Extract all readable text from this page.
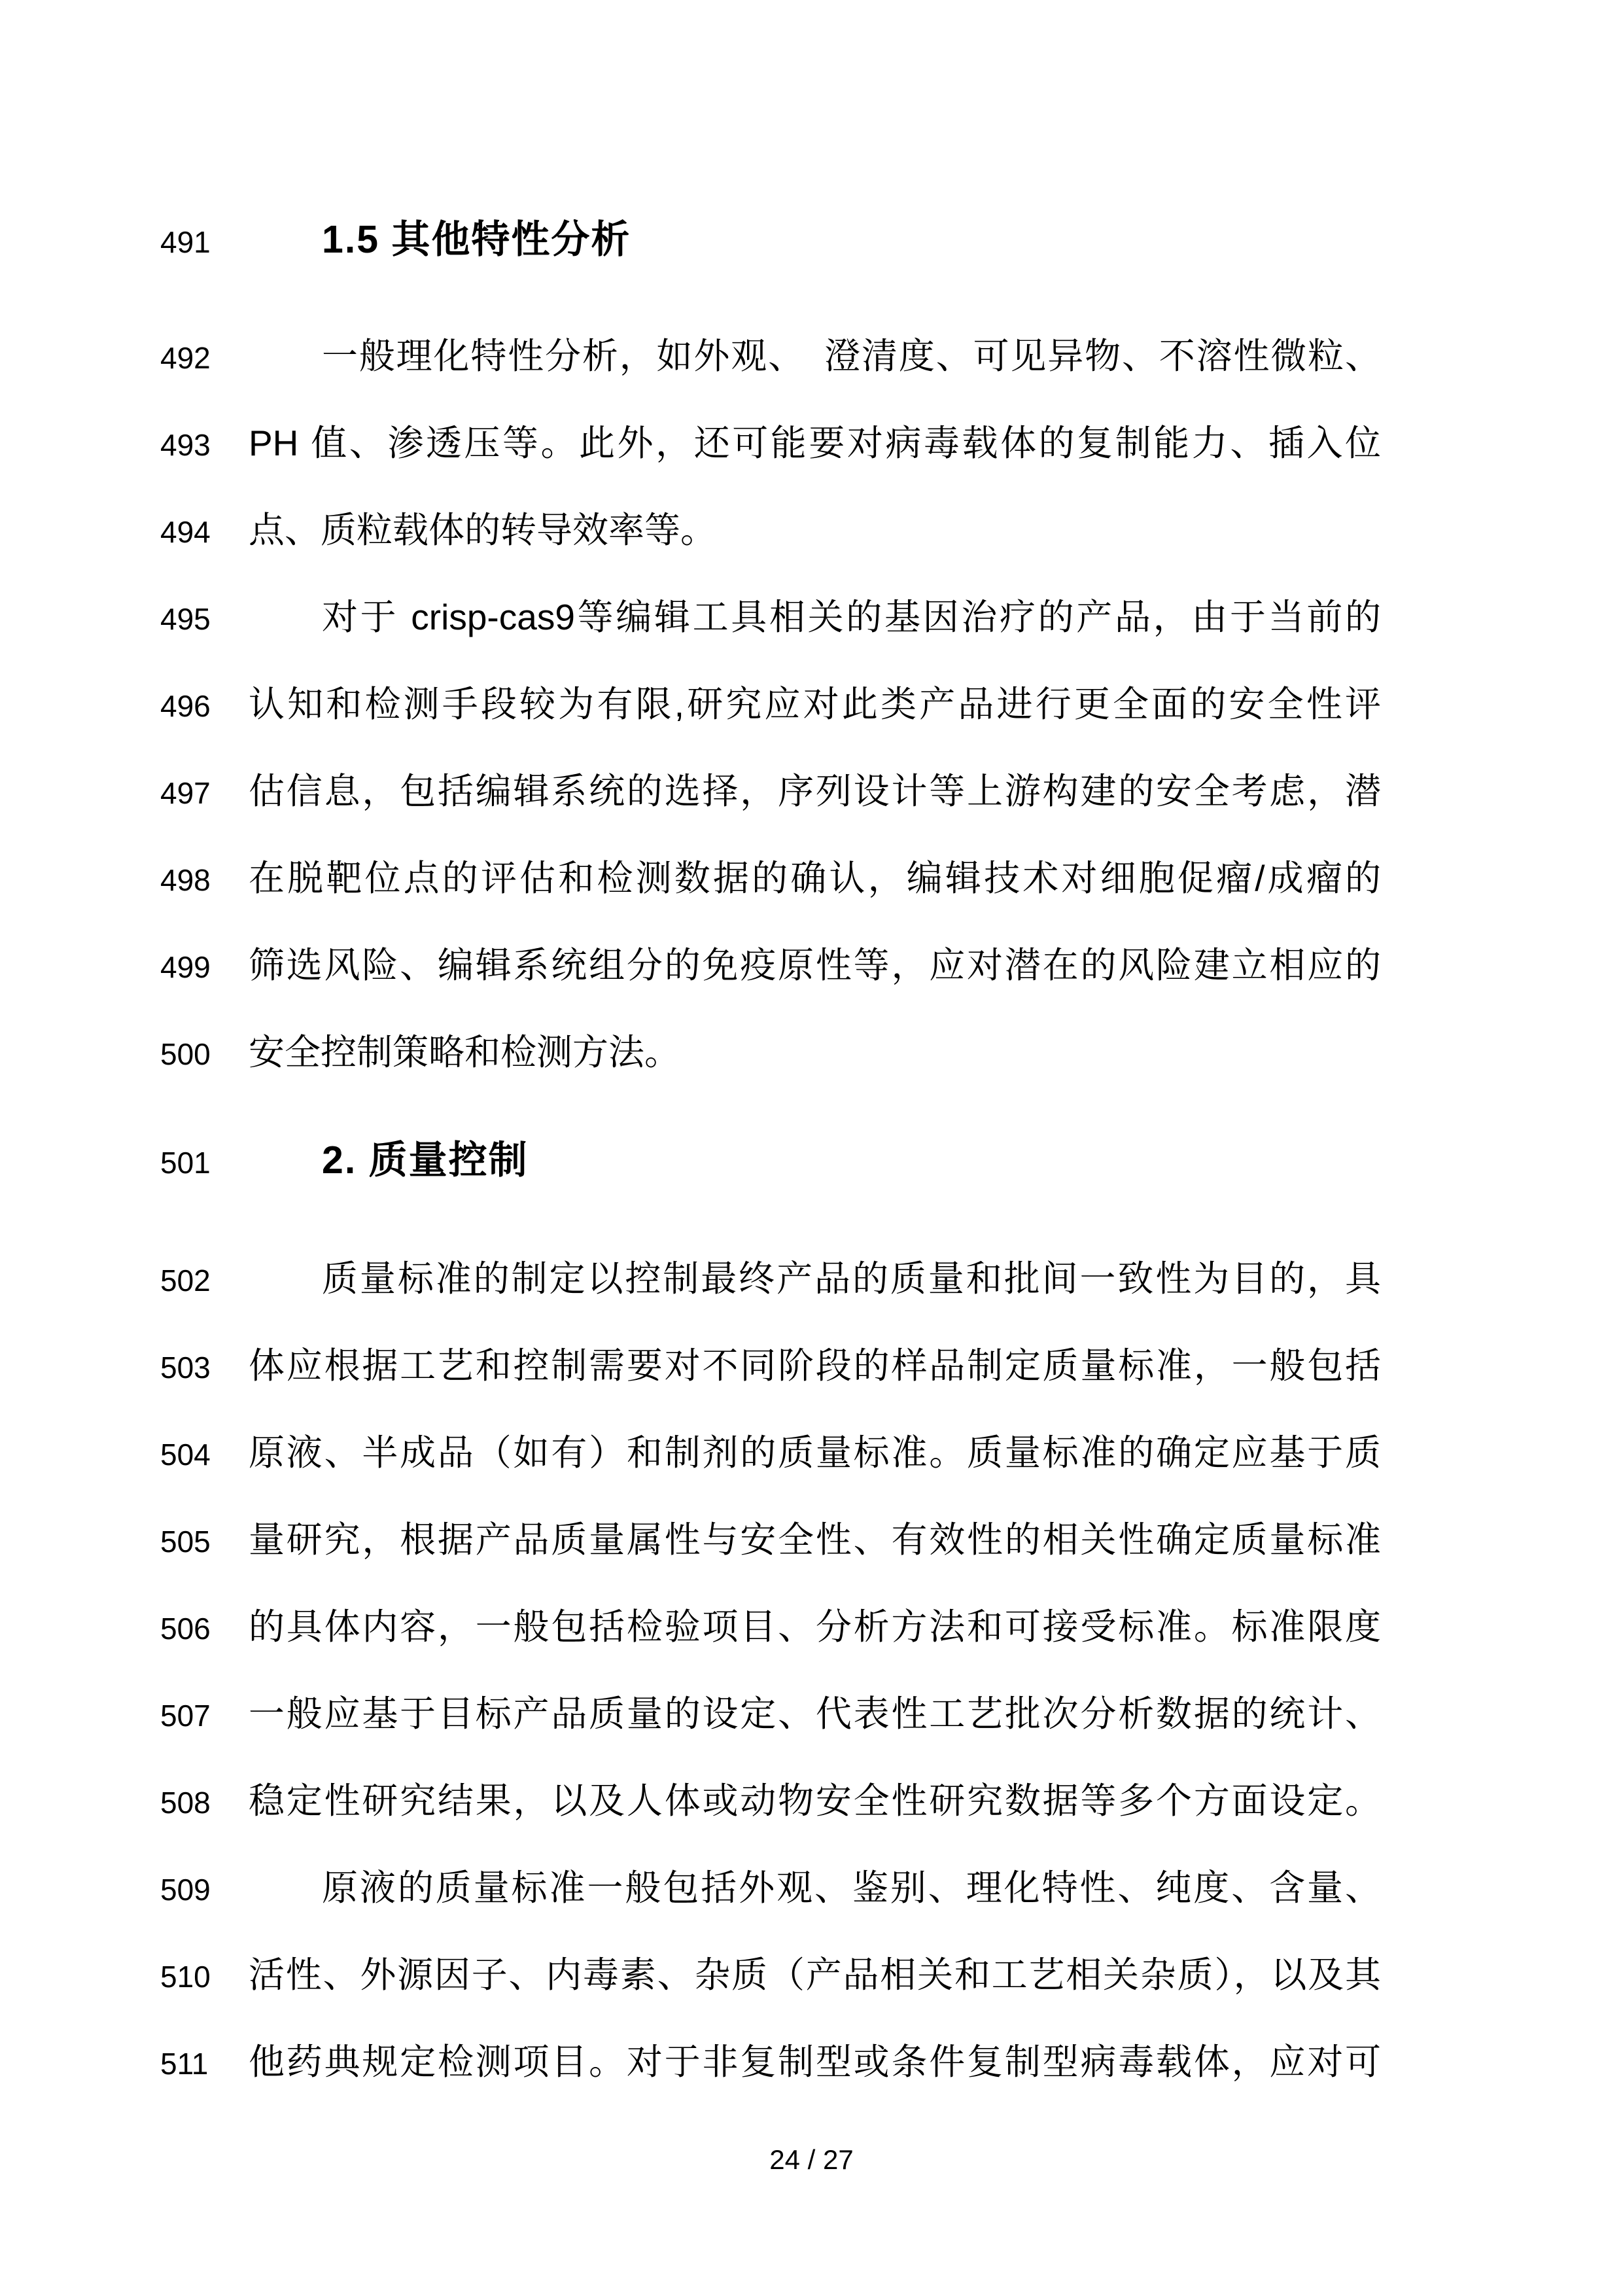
491	1.5 其他特性分析
492	一般理化特性分析，如外观、　澄清度、可见异物、不溶性微粒、
493	PH 值、渗透压等。此外，还可能要对病毒载体的复制能力、插入位
494	点、质粒载体的转导效率等。
495	对于 crisp-cas9等编辑工具相关的基因治疗的产品，由于当前的
496	认知和检测手段较为有限,研究应对此类产品进行更全面的安全性评
497	估信息，包括编辑系统的选择，序列设计等上游构建的安全考虑，潜
498	在脱靶位点的评估和检测数据的确认，编辑技术对细胞促瘤/成瘤的
499	筛选风险、编辑系统组分的免疫原性等，应对潜在的风险建立相应的
500	安全控制策略和检测方法。
501	2. 质量控制
502	质量标准的制定以控制最终产品的质量和批间一致性为目的，具
503	体应根据工艺和控制需要对不同阶段的样品制定质量标准，一般包括
504	原液、半成品（如有）和制剂的质量标准。质量标准的确定应基于质
505	量研究，根据产品质量属性与安全性、有效性的相关性确定质量标准
506	的具体内容，一般包括检验项目、分析方法和可接受标准。标准限度
507	一般应基于目标产品质量的设定、代表性工艺批次分析数据的统计、
508	稳定性研究结果，以及人体或动物安全性研究数据等多个方面设定。
509	原液的质量标准一般包括外观、鉴别、理化特性、纯度、含量、
510	活性、外源因子、内毒素、杂质（产品相关和工艺相关杂质），以及其
511	他药典规定检测项目。对于非复制型或条件复制型病毒载体，应对可
24 / 27
